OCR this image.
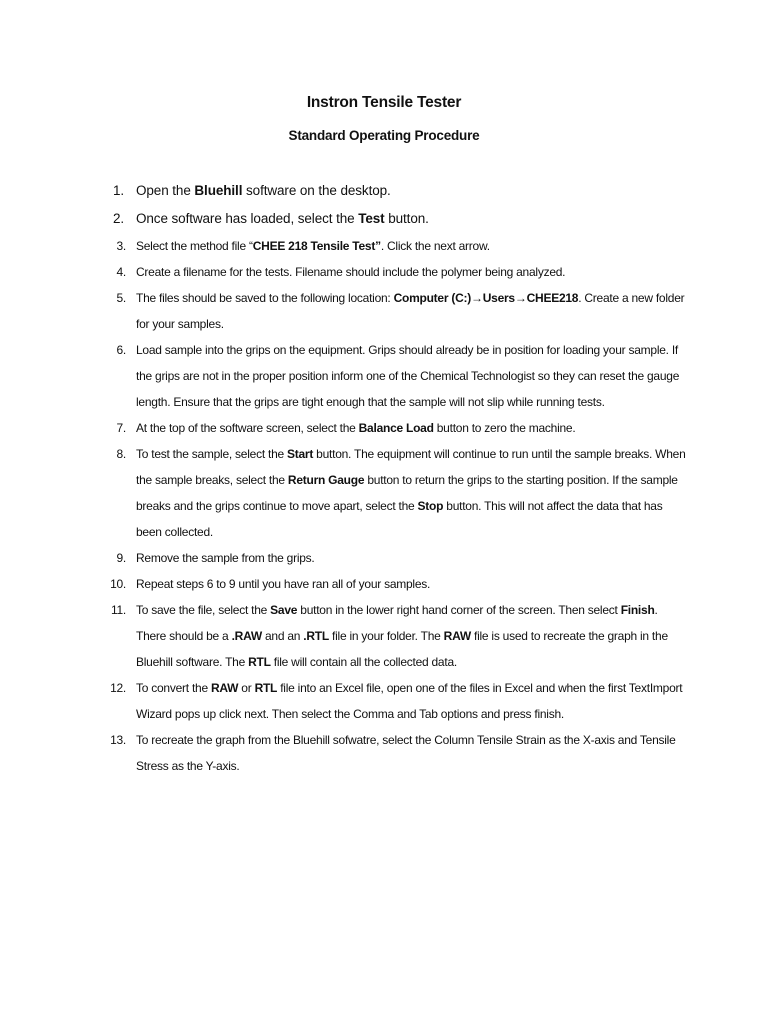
Instron Tensile Tester
Standard Operating Procedure
1. Open the Bluehill software on the desktop.
2. Once software has loaded, select the Test button.
3. Select the method file “CHEE 218 Tensile Test”. Click the next arrow.
4. Create a filename for the tests. Filename should include the polymer being analyzed.
5. The files should be saved to the following location: Computer (C:)→Users→CHEE218. Create a new folder for your samples.
6. Load sample into the grips on the equipment. Grips should already be in position for loading your sample. If the grips are not in the proper position inform one of the Chemical Technologist so they can reset the gauge length. Ensure that the grips are tight enough that the sample will not slip while running tests.
7. At the top of the software screen, select the Balance Load button to zero the machine.
8. To test the sample, select the Start button. The equipment will continue to run until the sample breaks. When the sample breaks, select the Return Gauge button to return the grips to the starting position. If the sample breaks and the grips continue to move apart, select the Stop button. This will not affect the data that has been collected.
9. Remove the sample from the grips.
10. Repeat steps 6 to 9 until you have ran all of your samples.
11. To save the file, select the Save button in the lower right hand corner of the screen. Then select Finish. There should be a .RAW and an .RTL file in your folder. The RAW file is used to recreate the graph in the Bluehill software. The RTL file will contain all the collected data.
12. To convert the RAW or RTL file into an Excel file, open one of the files in Excel and when the first TextImport Wizard pops up click next. Then select the Comma and Tab options and press finish.
13. To recreate the graph from the Bluehill sofwatre, select the Column Tensile Strain as the X-axis and Tensile Stress as the Y-axis.
